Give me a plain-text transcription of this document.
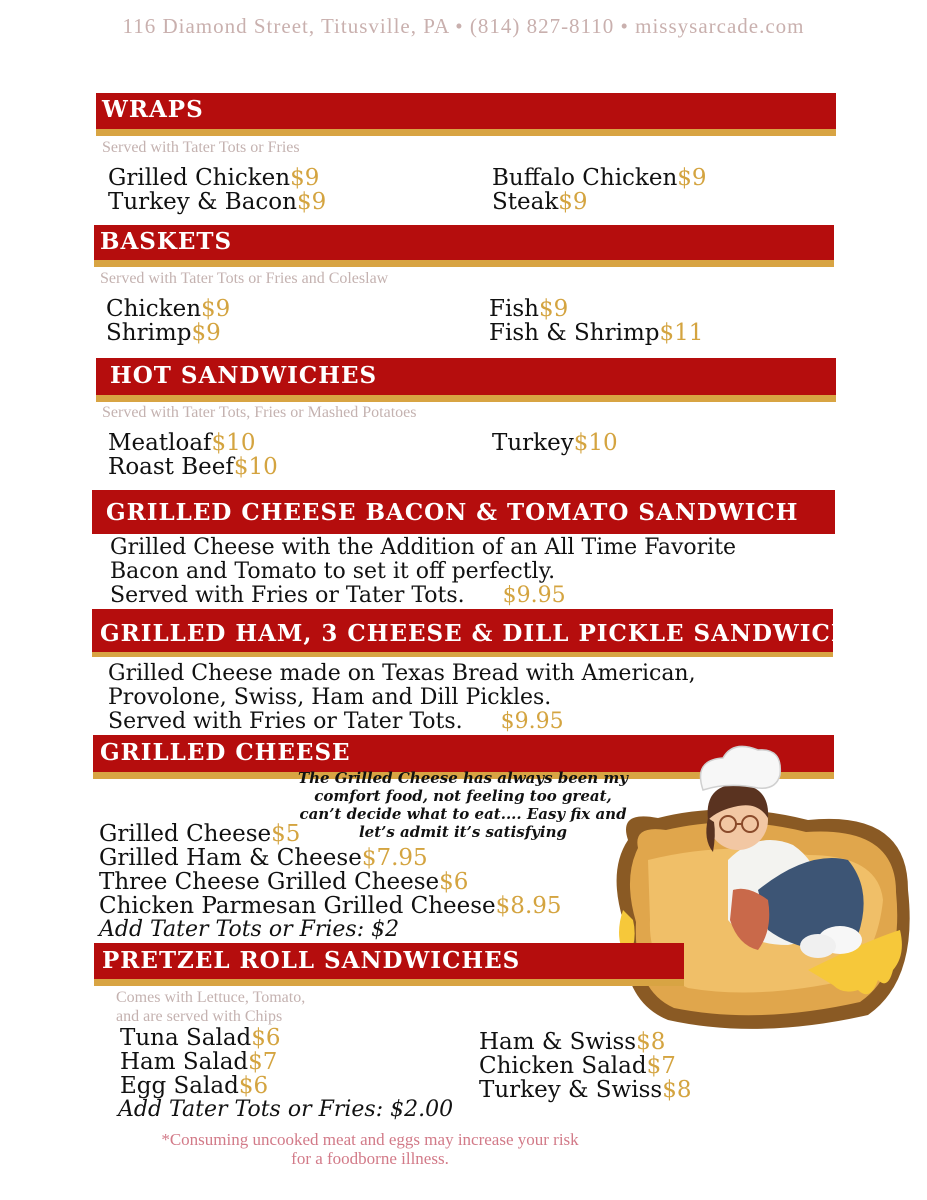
116 Diamond Street, Titusville, PA • (814) 827-8110 • missysarcade.com
WRAPS
Served with Tater Tots or Fries
Grilled Chicken$9
Turkey & Bacon$9
Buffalo Chicken$9
Steak$9
BASKETS
Served with Tater Tots or Fries and Coleslaw
Chicken$9
Shrimp$9
Fish$9
Fish & Shrimp$11
HOT SANDWICHES
Served with Tater Tots, Fries or Mashed Potatoes
Meatloaf$10
Roast Beef$10
Turkey$10
GRILLED CHEESE BACON & TOMATO SANDWICH
Grilled Cheese with the Addition of an All Time Favorite
Bacon and Tomato to set it off perfectly.
Served with Fries or Tater Tots. $9.95
GRILLED HAM, 3 CHEESE & DILL PICKLE SANDWICH
Grilled Cheese made on Texas Bread with American,
Provolone, Swiss, Ham and Dill Pickles.
Served with Fries or Tater Tots. $9.95
GRILLED CHEESE
The Grilled Cheese has always been my
comfort food, not feeling too great,
can’t decide what to eat.... Easy fix and
let’s admit it’s satisfying
Grilled Cheese$5
Grilled Ham & Cheese$7.95
Three Cheese Grilled Cheese$6
Chicken Parmesan Grilled Cheese$8.95
Add Tater Tots or Fries: $2
PRETZEL ROLL SANDWICHES
Comes with Lettuce, Tomato,
and are served with Chips
Tuna Salad$6
Ham Salad$7
Egg Salad$6
Add Tater Tots or Fries: $2.00
Ham & Swiss$8
Chicken Salad$7
Turkey & Swiss$8
*Consuming uncooked meat and eggs may increase your risk
for a foodborne illness.
